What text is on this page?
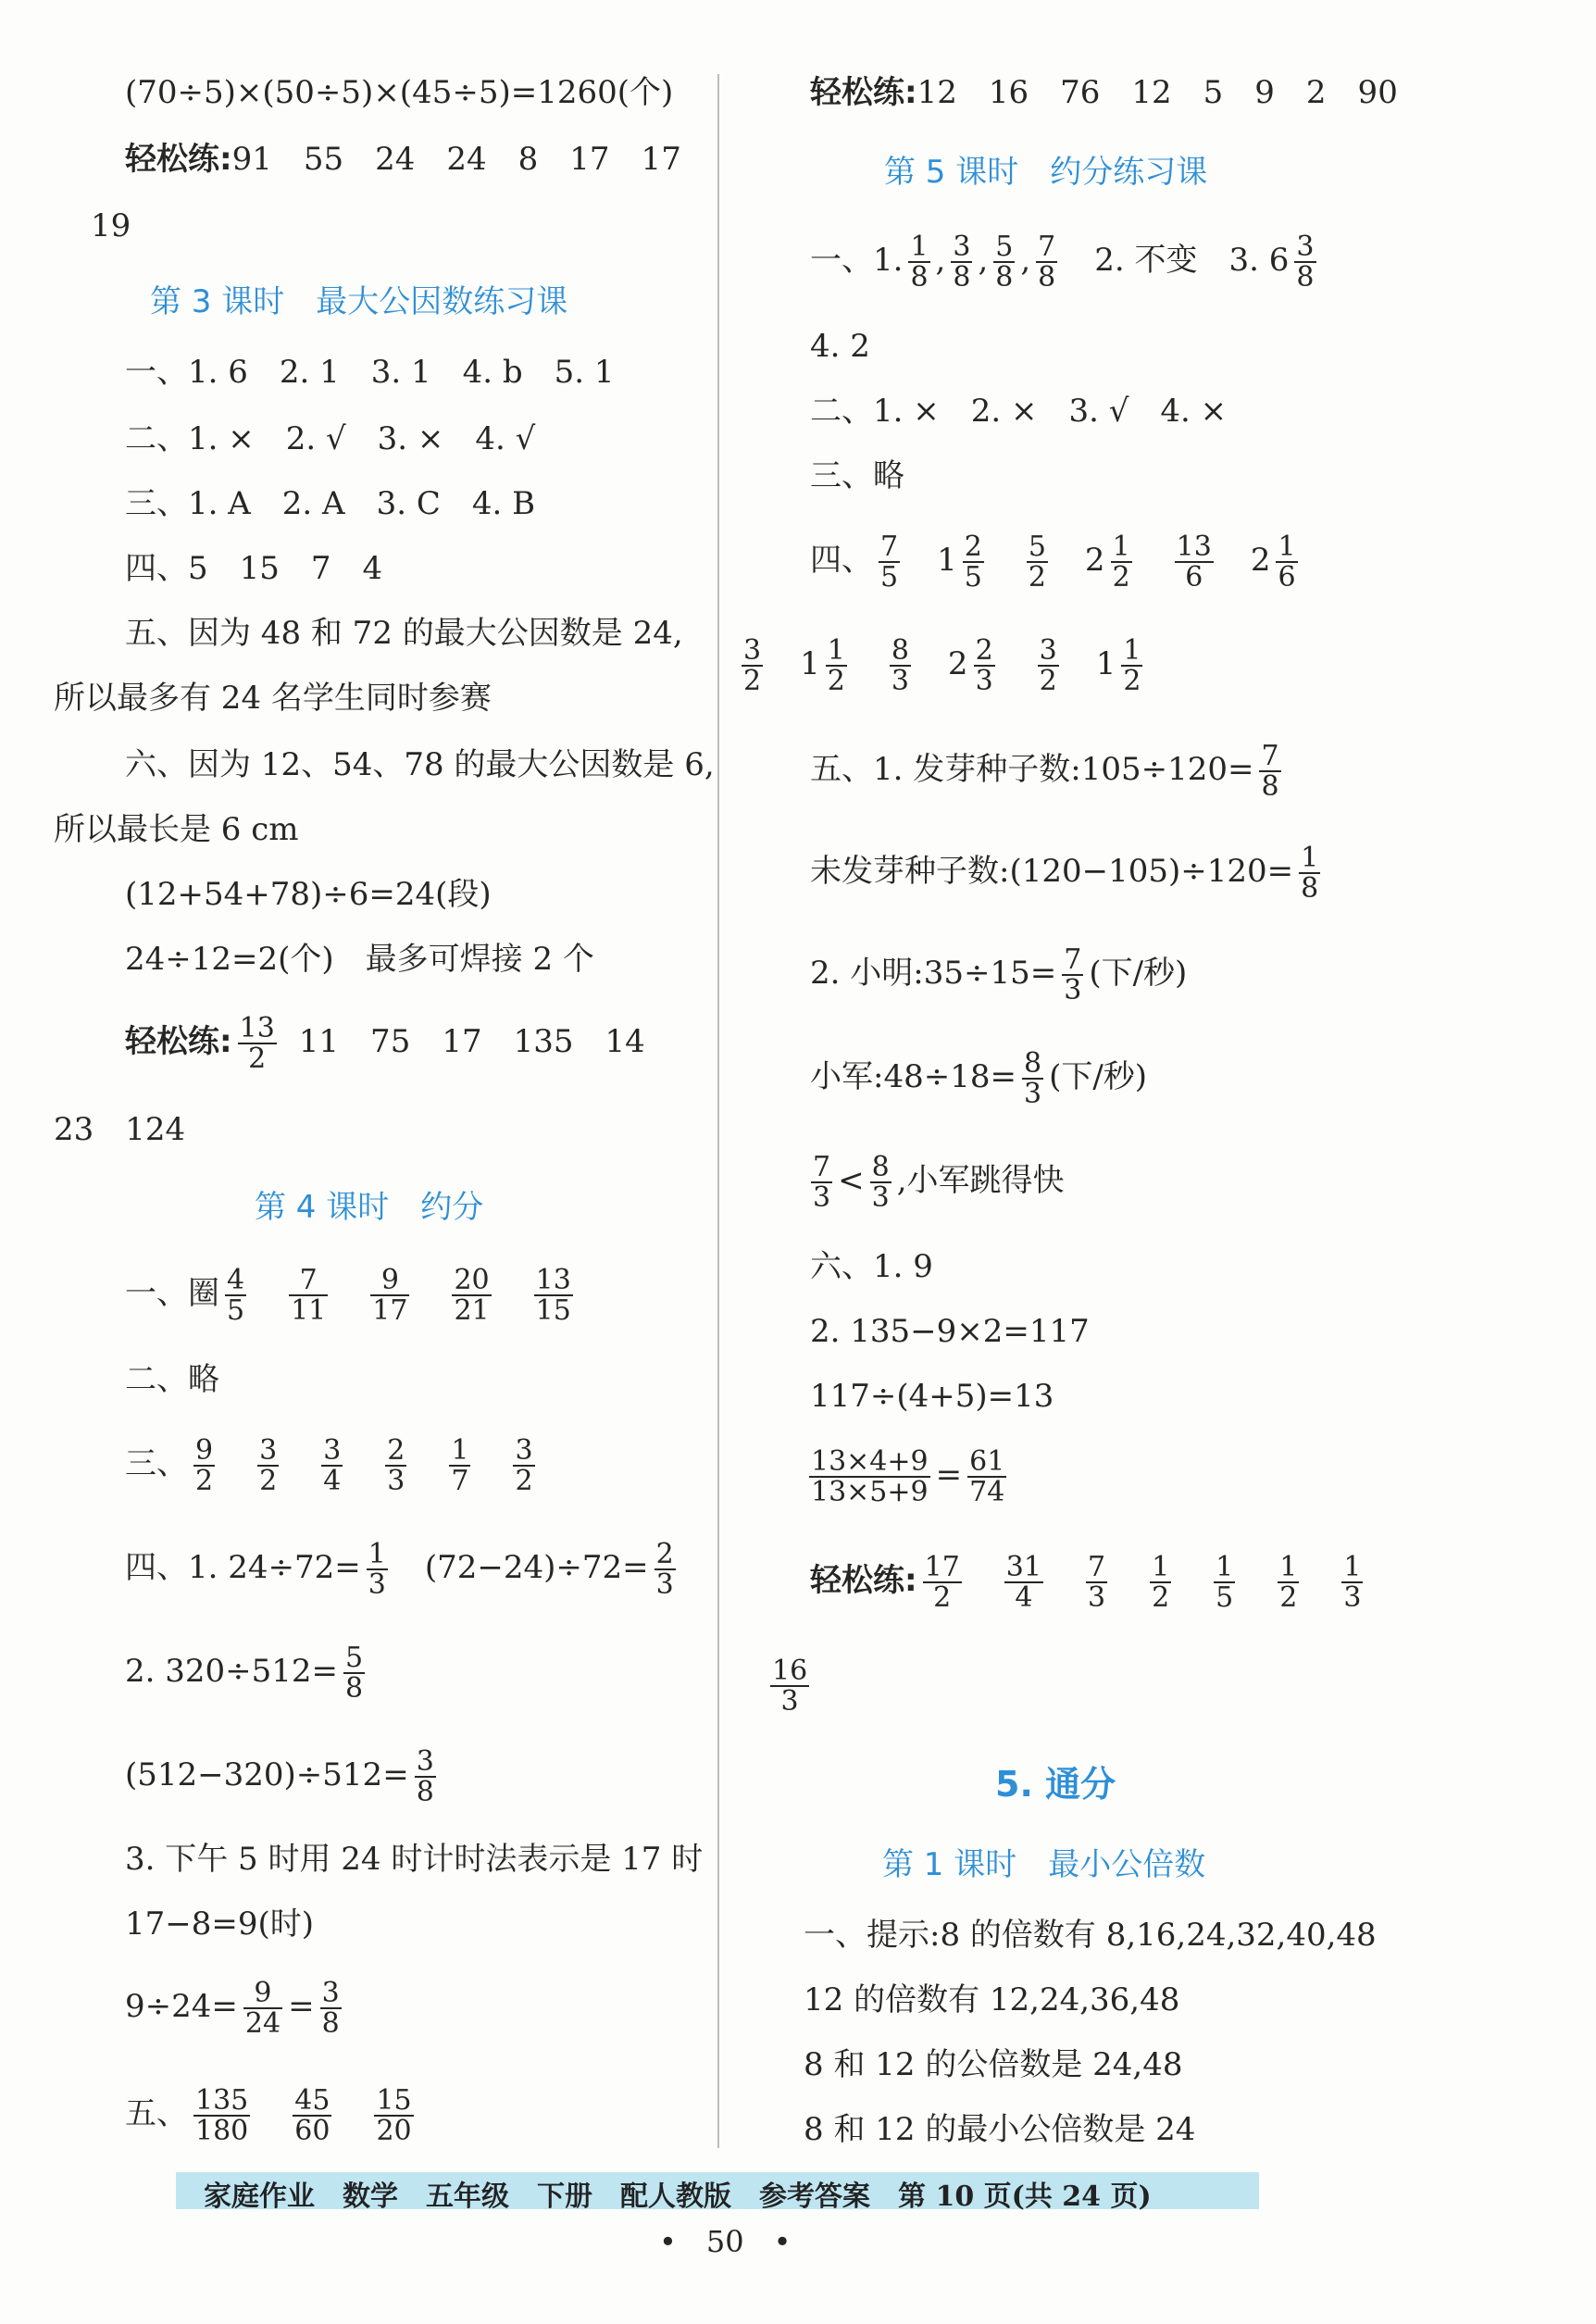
(70÷5)×(50÷5)×(45÷5)=1260(个)
轻松练:91　55　24　24　8　17　17
19
第 3 课时　最大公因数练习课
一、1. 6　2. 1　3. 1　4. b　5. 1
二、1. ×　2. √　3. ×　4. √
三、1. A　2. A　3. C　4. B
四、5　15　7　4
五、因为 48 和 72 的最大公因数是 24,
所以最多有 24 名学生同时参赛
六、因为 12、54、78 的最大公因数是 6,
所以最长是 6 cm
(12+54+78)÷6=24(段)
24÷12=2(个)　最多可焊接 2 个
轻松练: $\frac{13}{2} 11$　75　17　135　14
23　124
第 4 课时　约分
一、圈 $\frac{4}{5} \frac{7}{11} \frac{9}{17} \frac{20}{21} \frac{13}{15}$
二、略
三、 $\frac{9}{2} \frac{3}{2} \frac{3}{4} \frac{2}{3} \frac{1}{7} \frac{3}{2}$
四、1. $24\div 72= \frac{1}{3} (72-24)\div 72= \frac{2}{3}$
2. $320\div 512= \frac{5}{8}$
$(512-320)\div 512= \frac{3}{8}$
3. 下午 5 时用 24 时计时法表示是 17 时
17−8=9(时)
$9\div 24= \frac{9}{24} = \frac{3}{8}$
五、 $\frac{135}{180} \frac{45}{60} \frac{15}{20}$
轻松练:12　16　76　12　5　9　2　90
第 5 课时　约分练习课
一、1. $\frac{1}{8}$ , $\frac{3}{8}$ , $\frac{5}{8}$ , $\frac{7}{8} 2$. 不变　3. $6 \frac{3}{8}$
4. 2
二、1. ×　2. ×　3. √　4. ×
三、略
四、 $\frac{7}{5} 1 \frac{2}{5} \frac{5}{2} 2 \frac{1}{2} \frac{13}{6} 2 \frac{1}{6}$
$\frac{3}{2} 1 \frac{1}{2} \frac{8}{3} 2 \frac{2}{3} \frac{3}{2} 1 \frac{1}{2}$
五、1. 发芽种子数:105÷120= $\frac{7}{8}$
未发芽种子数:(120−105)÷120= $\frac{1}{8}$
2. 小明:35÷15= $\frac{7}{3}$ (下/秒)
小军:48÷18= $\frac{8}{3}$ (下/秒)
$\frac{7}{3} < \frac{8}{3}$ ,小军跳得快
六、1. 9
2. 135−9×2=117
117÷(4+5)=13
$\frac{13\times 4+9}{13\times 5+9} = \frac{61}{74}$
轻松练: $\frac{17}{2} \frac{31}{4} \frac{7}{3} \frac{1}{2} \frac{1}{5} \frac{1}{2} \frac{1}{3}$
$\frac{16}{3}$
5. 通分
第 1 课时　最小公倍数
一、提示:8 的倍数有 8,16,24,32,40,48
12 的倍数有 12,24,36,48
8 和 12 的公倍数是 24,48
8 和 12 的最小公倍数是 24
家庭作业　数学　五年级　下册　配人教版　参考答案　第 10 页(共 24 页)
•　50　•
